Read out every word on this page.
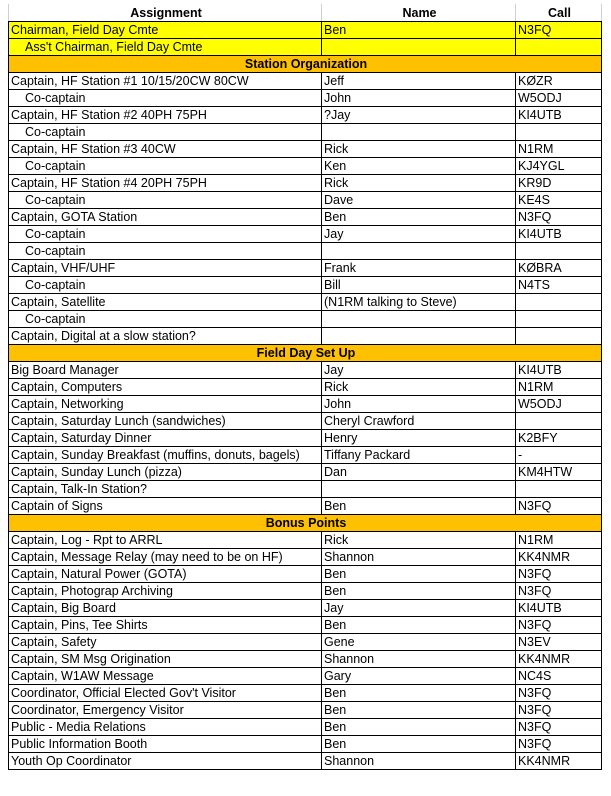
Assignment	Name	Call
Chairman, Field Day Cmte	Ben	N3FQ
Ass't Chairman, Field Day Cmte		
Station Organization		
Captain, HF Station #1 10/15/20CW 80CW	Jeff	KØZR
Co-captain	John	W5ODJ
Captain, HF Station #2 40PH 75PH	?Jay	KI4UTB
Co-captain		
Captain, HF Station #3 40CW	Rick	N1RM
Co-captain	Ken	KJ4YGL
Captain, HF Station #4 20PH 75PH	Rick	KR9D
Co-captain	Dave	KE4S
Captain, GOTA Station	Ben	N3FQ
Co-captain	Jay	KI4UTB
Co-captain		
Captain, VHF/UHF	Frank	KØBRA
Co-captain	Bill	N4TS
Captain, Satellite	(N1RM talking to Steve)	
Co-captain		
Captain, Digital at a slow station?		
Field Day Set Up		
Big Board Manager	Jay	KI4UTB
Captain, Computers	Rick	N1RM
Captain, Networking	John	W5ODJ
Captain, Saturday Lunch (sandwiches)	Cheryl Crawford	
Captain, Saturday Dinner	Henry	K2BFY
Captain, Sunday Breakfast (muffins, donuts, bagels)	Tiffany Packard	-
Captain, Sunday Lunch (pizza)	Dan	KM4HTW
Captain, Talk-In Station?		
Captain of Signs	Ben	N3FQ
Bonus Points		
Captain, Log - Rpt to ARRL	Rick	N1RM
Captain, Message Relay (may need to be on HF)	Shannon	KK4NMR
Captain, Natural Power (GOTA)	Ben	N3FQ
Captain, Photograp Archiving	Ben	N3FQ
Captain, Big Board	Jay	KI4UTB
Captain, Pins, Tee Shirts	Ben	N3FQ
Captain, Safety	Gene	N3EV
Captain, SM Msg Origination	Shannon	KK4NMR
Captain, W1AW Message	Gary	NC4S
Coordinator, Official Elected Gov't Visitor	Ben	N3FQ
Coordinator, Emergency Visitor	Ben	N3FQ
Public - Media Relations	Ben	N3FQ
Public Information Booth	Ben	N3FQ
Youth Op Coordinator	Shannon	KK4NMR
